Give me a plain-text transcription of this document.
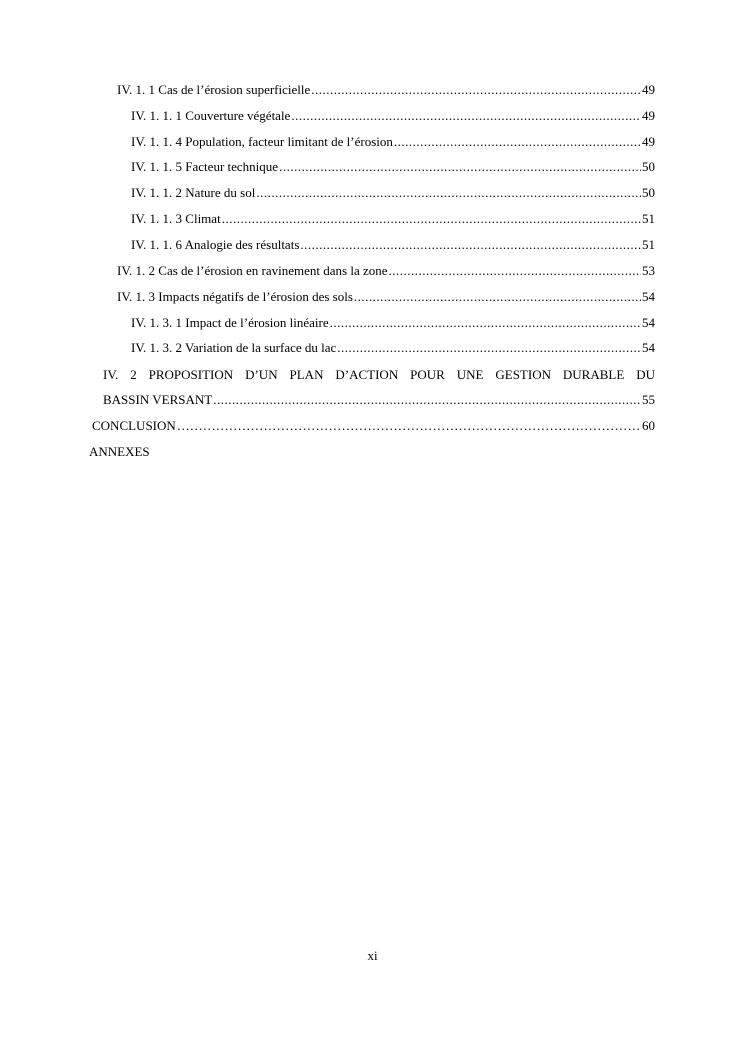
IV. 1. 1 Cas de l’érosion superficielle .....	49
IV. 1. 1. 1 Couverture végétale .....	49
IV. 1. 1. 4 Population, facteur limitant de l’érosion .....	49
IV. 1. 1. 5 Facteur technique .....	50
IV. 1. 1. 2 Nature du sol .....	50
IV. 1. 1. 3 Climat .....	51
IV. 1. 1. 6 Analogie des résultats .....	51
IV. 1. 2 Cas de l’érosion en ravinement dans la zone .....	53
IV. 1. 3 Impacts négatifs de l’érosion des sols .....	54
IV. 1. 3. 1 Impact de l’érosion linéaire .....	54
IV. 1. 3. 2 Variation de la surface du lac .....	54
IV. 2 PROPOSITION D’UN PLAN D’ACTION POUR UNE GESTION DURABLE DU
BASSIN VERSANT .....	55
CONCLUSION …………………………………………………………………………………………………………………………………………………………………………………	60
ANNEXES
xi
